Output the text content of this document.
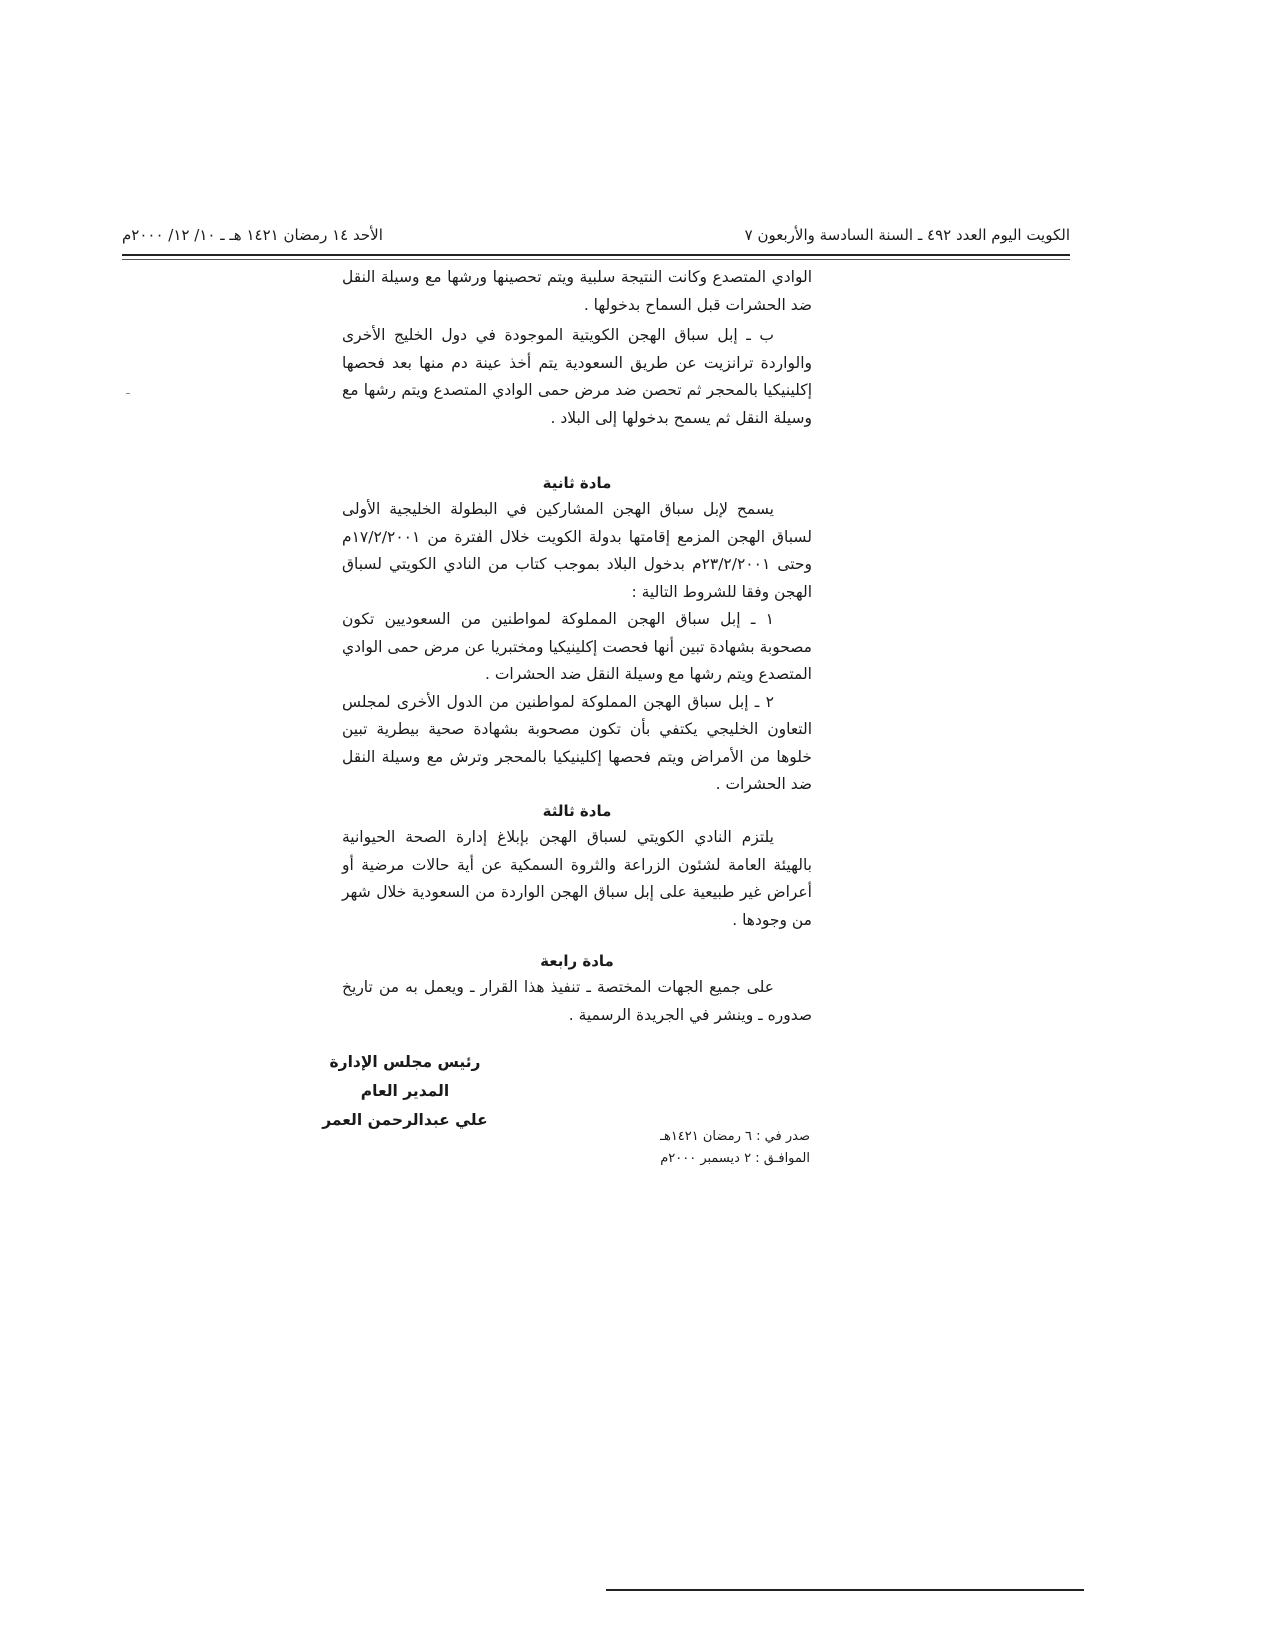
الكويت اليوم العدد ٤٩٢ ـ السنة السادسة والأربعون ٧
الأحد ١٤ رمضان ١٤٢١ هـ ـ ١٠/ ١٢/ ٢٠٠٠م

الوادي المتصدع وكانت النتيجة سلبية ويتم تحصينها ورشها مع وسيلة النقل ضد الحشرات قبل السماح بدخولها .

ب ـ إبل سباق الهجن الكويتية الموجودة في دول الخليج الأخرى والواردة ترانزيت عن طريق السعودية يتم أخذ عينة دم منها بعد فحصها إكلينيكيا بالمحجر ثم تحصن ضد مرض حمى الوادي المتصدع ويتم رشها مع وسيلة النقل ثم يسمح بدخولها إلى البلاد .

مادة ثانية

يسمح لإبل سباق الهجن المشاركين في البطولة الخليجية الأولى لسباق الهجن المزمع إقامتها بدولة الكويت خلال الفترة من ١٧/٢/٢٠٠١م وحتى ٢٣/٢/٢٠٠١م بدخول البلاد بموجب كتاب من النادي الكويتي لسباق الهجن وفقا للشروط التالية :

١ ـ إبل سباق الهجن المملوكة لمواطنين من السعوديين تكون مصحوبة بشهادة تبين أنها فحصت إكلينيكيا ومختبريا عن مرض حمى الوادي المتصدع ويتم رشها مع وسيلة النقل ضد الحشرات .

٢ ـ إبل سباق الهجن المملوكة لمواطنين من الدول الأخرى لمجلس التعاون الخليجي يكتفي بأن تكون مصحوبة بشهادة صحية بيطرية تبين خلوها من الأمراض ويتم فحصها إكلينيكيا بالمحجر وترش مع وسيلة النقل ضد الحشرات .

مادة ثالثة

يلتزم النادي الكويتي لسباق الهجن بإبلاغ إدارة الصحة الحيوانية بالهيئة العامة لشئون الزراعة والثروة السمكية عن أية حالات مرضية أو أعراض غير طبيعية على إبل سباق الهجن الواردة من السعودية خلال شهر من وجودها .

مادة رابعة

على جميع الجهات المختصة ـ تنفيذ هذا القرار ـ ويعمل به من تاريخ صدوره ـ وينشر في الجريدة الرسمية .

رئيس مجلس الإدارة
المدير العام
علي عبدالرحمن العمر
صدر في : ٦ رمضان ١٤٢١هـ
الموافـق : ٢ ديسمبر ٢٠٠٠م
